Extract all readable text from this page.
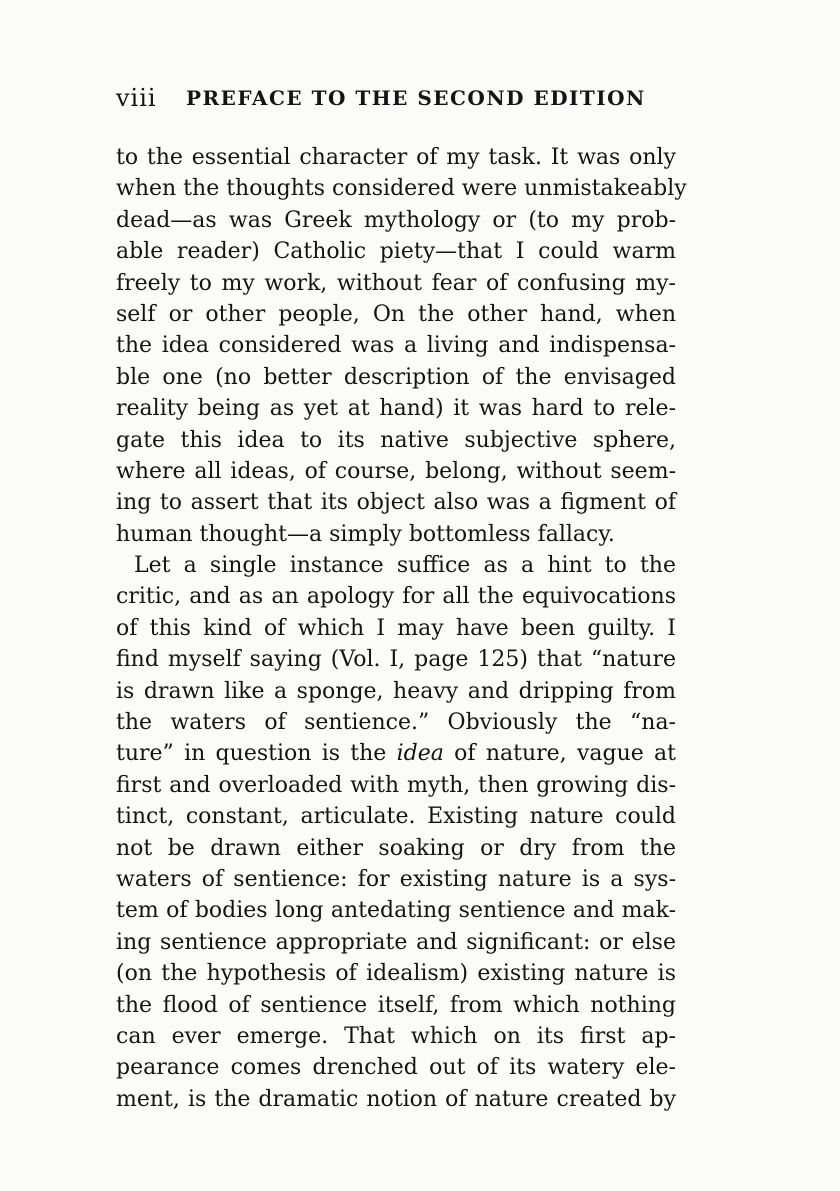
viii PREFACE TO THE SECOND EDITION
to the essential character of my task. It was only
when the thoughts considered were unmistakeably
dead—as was Greek mythology or (to my prob-
able reader) Catholic piety—that I could warm
freely to my work, without fear of confusing my-
self or other people, On the other hand, when
the idea considered was a living and indispensa-
ble one (no better description of the envisaged
reality being as yet at hand) it was hard to rele-
gate this idea to its native subjective sphere,
where all ideas, of course, belong, without seem-
ing to assert that its object also was a figment of
human thought—a simply bottomless fallacy.
Let a single instance suffice as a hint to the
critic, and as an apology for all the equivocations
of this kind of which I may have been guilty. I
find myself saying (Vol. I, page 125) that “nature
is drawn like a sponge, heavy and dripping from
the waters of sentience.” Obviously the “na-
ture” in question is the idea of nature, vague at
first and overloaded with myth, then growing dis-
tinct, constant, articulate. Existing nature could
not be drawn either soaking or dry from the
waters of sentience: for existing nature is a sys-
tem of bodies long antedating sentience and mak-
ing sentience appropriate and significant: or else
(on the hypothesis of idealism) existing nature is
the flood of sentience itself, from which nothing
can ever emerge. That which on its first ap-
pearance comes drenched out of its watery ele-
ment, is the dramatic notion of nature created by
